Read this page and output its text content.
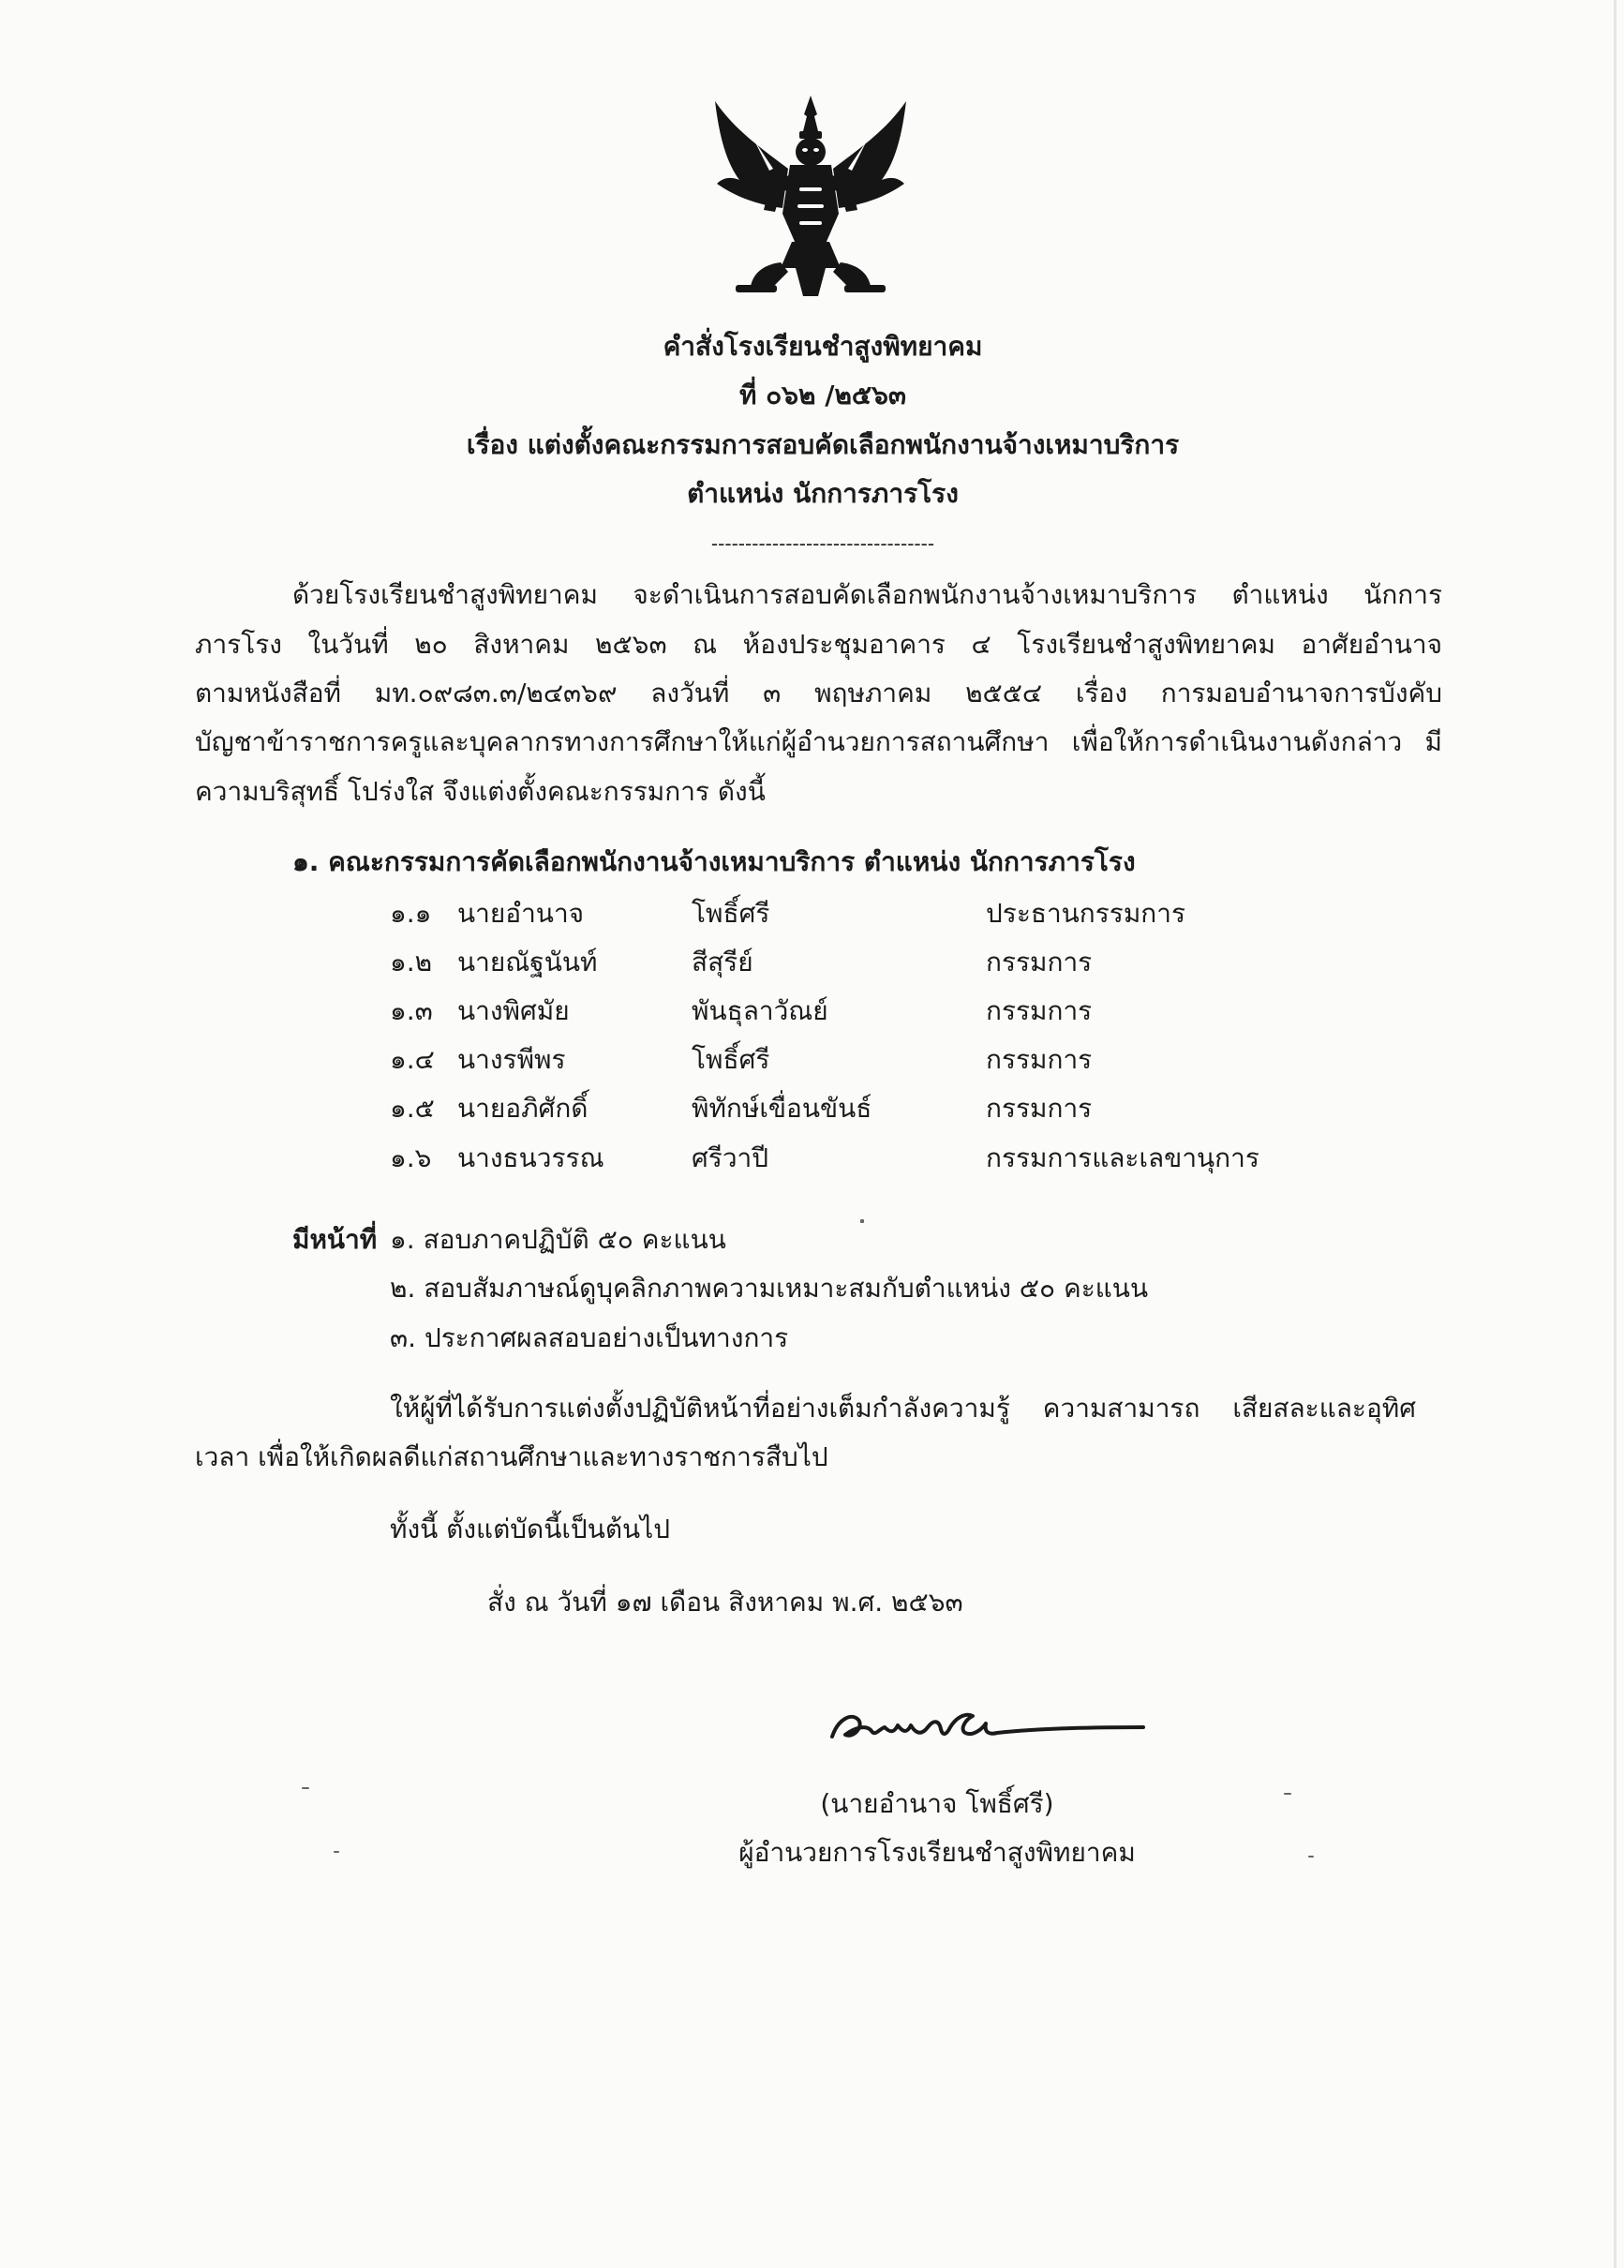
คำสั่งโรงเรียนชำสูงพิทยาคม
ที่ ๐๖๒ /๒๕๖๓
เรื่อง แต่งตั้งคณะกรรมการสอบคัดเลือกพนักงานจ้างเหมาบริการ
ตำแหน่ง นักการภารโรง
---------------------------------
ด้วยโรงเรียนชำสูงพิทยาคม จะดำเนินการสอบคัดเลือกพนักงานจ้างเหมาบริการ ตำแหน่ง นักการ
ภารโรง ในวันที่ ๒๐ สิงหาคม ๒๕๖๓ ณ ห้องประชุมอาคาร ๔ โรงเรียนชำสูงพิทยาคม อาศัยอำนาจ
ตามหนังสือที่ มท.๐๙๘๓.๓/๒๔๓๖๙ ลงวันที่ ๓ พฤษภาคม ๒๕๕๔ เรื่อง การมอบอำนาจการบังคับ
บัญชาข้าราชการครูและบุคลากรทางการศึกษาให้แก่ผู้อำนวยการสถานศึกษา เพื่อให้การดำเนินงานดังกล่าว มี
ความบริสุทธิ์ โปร่งใส จึงแต่งตั้งคณะกรรมการ ดังนี้
๑. คณะกรรมการคัดเลือกพนักงานจ้างเหมาบริการ ตำแหน่ง นักการภารโรง
๑.๑ นายอำนาจ	โพธิ์ศรี	ประธานกรรมการ
๑.๒ นายณัฐนันท์	สีสุรีย์	กรรมการ
๑.๓ นางพิศมัย	พันธุลาวัณย์	กรรมการ
๑.๔ นางรพีพร	โพธิ์ศรี	กรรมการ
๑.๕ นายอภิศักดิ์	พิทักษ์เขื่อนขันธ์	กรรมการ
๑.๖ นางธนวรรณ	ศรีวาปี	กรรมการและเลขานุการ
มีหน้าที่ ๑. สอบภาคปฏิบัติ ๕๐ คะแนน
๒. สอบสัมภาษณ์ดูบุคลิกภาพความเหมาะสมกับตำแหน่ง ๕๐ คะแนน
๓. ประกาศผลสอบอย่างเป็นทางการ
ให้ผู้ที่ได้รับการแต่งตั้งปฏิบัติหน้าที่อย่างเต็มกำลังความรู้ ความสามารถ เสียสละและอุทิศ
เวลา เพื่อให้เกิดผลดีแก่สถานศึกษาและทางราชการสืบไป
ทั้งนี้ ตั้งแต่บัดนี้เป็นต้นไป
สั่ง ณ วันที่ ๑๗ เดือน สิงหาคม พ.ศ. ๒๕๖๓
(นายอำนาจ โพธิ์ศรี)
ผู้อำนวยการโรงเรียนชำสูงพิทยาคม
